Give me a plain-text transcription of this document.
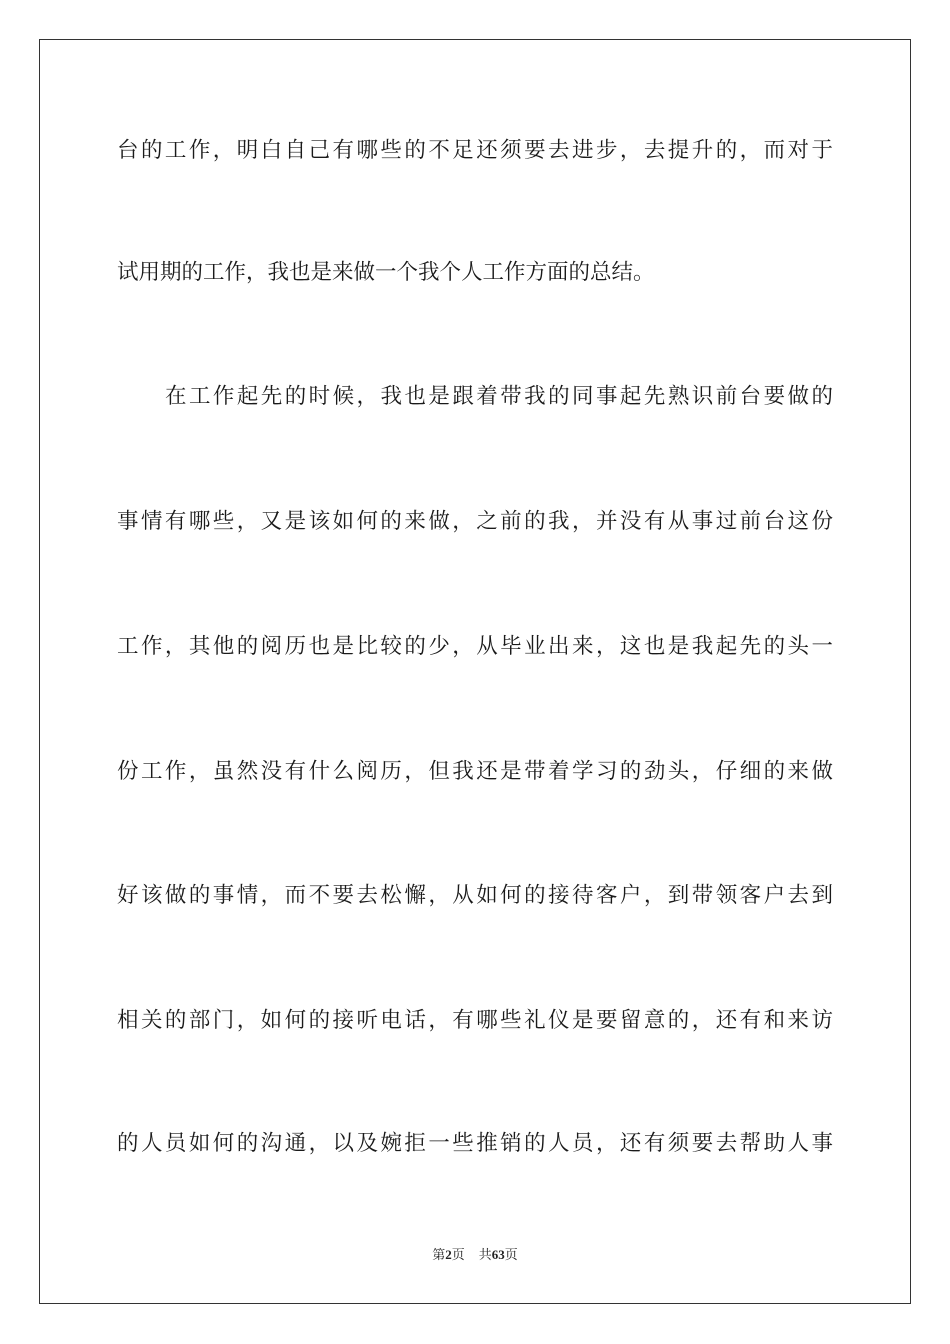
台的工作，明白自己有哪些的不足还须要去进步，去提升的，而对于
试用期的工作，我也是来做一个我个人工作方面的总结。
在工作起先的时候，我也是跟着带我的同事起先熟识前台要做的
事情有哪些，又是该如何的来做，之前的我，并没有从事过前台这份
工作，其他的阅历也是比较的少，从毕业出来，这也是我起先的头一
份工作，虽然没有什么阅历，但我还是带着学习的劲头，仔细的来做
好该做的事情，而不要去松懈，从如何的接待客户，到带领客户去到
相关的部门，如何的接听电话，有哪些礼仪是要留意的，还有和来访
的人员如何的沟通，以及婉拒一些推销的人员，还有须要去帮助人事
第2页 共63页
